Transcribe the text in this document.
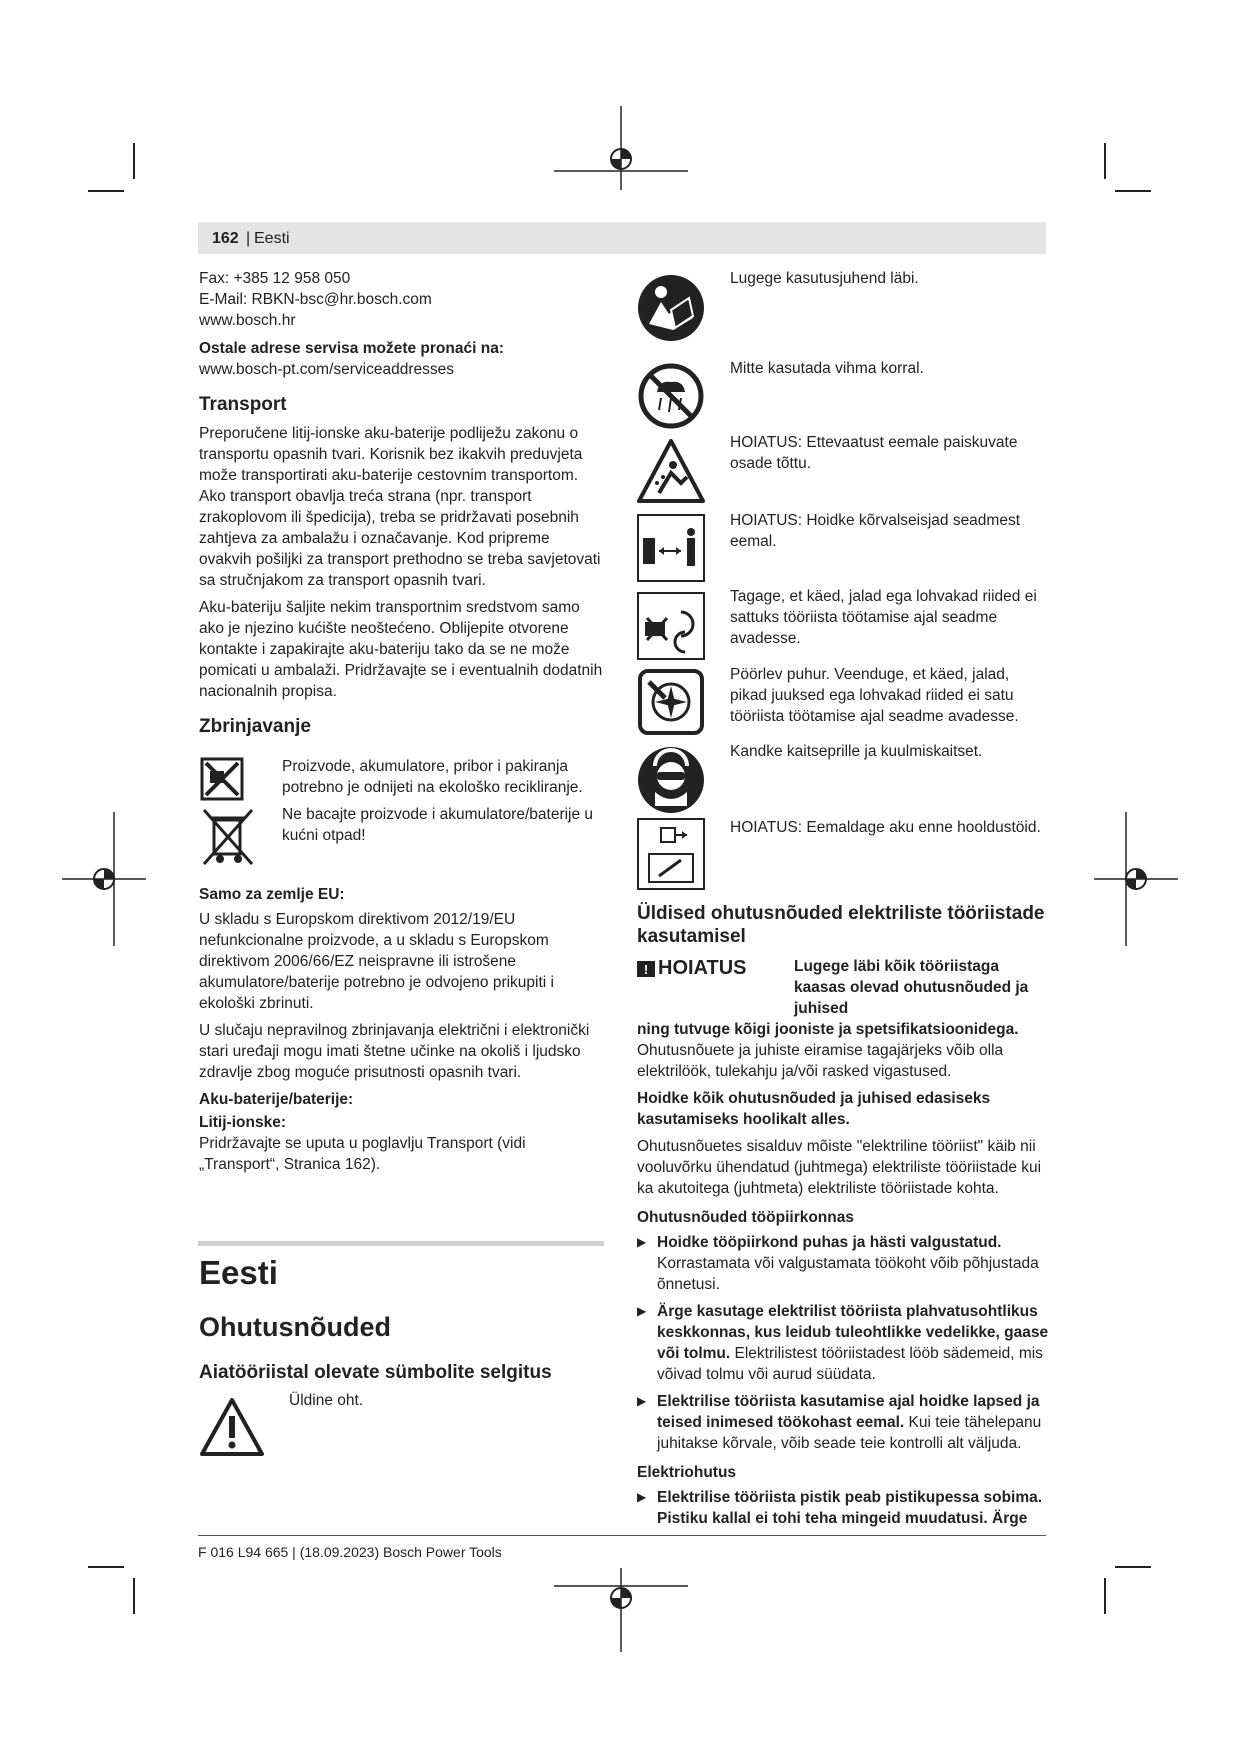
162 | Eesti
Fax: +385 12 958 050
E-Mail: RBKN-bsc@hr.bosch.com
www.bosch.hr
Ostale adrese servisa možete pronaći na:
www.bosch-pt.com/serviceaddresses
Transport

Preporučene litij-ionske aku-baterije podliježu zakonu o transportu opasnih tvari. Korisnik bez ikakvih preduvjeta može transportirati aku-baterije cestovnim transportom. Ako transport obavlja treća strana (npr. transport zrakoplovom ili špedicija), treba se pridržavati posebnih zahtjeva za ambalažu i označavanje. Kod pripreme ovakvih pošiljki za transport prethodno se treba savjetovati sa stručnjakom za transport opasnih tvari.

Aku-bateriju šaljite nekim transportnim sredstvom samo ako je njezino kućište neoštećeno. Oblijepite otvorene kontakte i zapakirajte aku-bateriju tako da se ne može pomicati u ambalaži. Pridržavajte se i eventualnih dodatnih nacionalnih propisa.

Zbrinjavanje
Proizvode, akumulatore, pribor i pakiranja potrebno je odnijeti na ekološko recikliranje.
Ne bacajte proizvode i akumulatore/baterije u kućni otpad!
Samo za zemlje EU:

U skladu s Europskom direktivom 2012/19/EU nefunkcionalne proizvode, a u skladu s Europskom direktivom 2006/66/EZ neispravne ili istrošene akumulatore/baterije potrebno je odvojeno prikupiti i ekološki zbrinuti.

U slučaju nepravilnog zbrinjavanja električni i elektronički stari uređaji mogu imati štetne učinke na okoliš i ljudsko zdravlje zbog moguće prisutnosti opasnih tvari.

Aku-baterije/baterije:
Litij-ionske:

Pridržavajte se uputa u poglavlju Transport (vidi „Transport“, Stranica 162).

Eesti
Ohutusnõuded
Aiatööriistal olevate sümbolite selgitus
Üldine oht.
Lugege kasutusjuhend läbi.
Mitte kasutada vihma korral.
HOIATUS: Ettevaatust eemale paiskuvate osade tõttu.
HOIATUS: Hoidke kõrvalseisjad seadmest eemal.
Tagage, et käed, jalad ega lohvakad riided ei sattuks tööriista töötamise ajal seadme avadesse.
Pöörlev puhur. Veenduge, et käed, jalad, pikad juuksed ega lohvakad riided ei satu tööriista töötamise ajal seadme avadesse.
Kandke kaitseprille ja kuulmiskaitset.
HOIATUS: Eemaldage aku enne hooldustöid.
Üldised ohutusnõuded elektriliste tööriistade kasutamisel
! HOIATUS	Lugege läbi kõik tööriistaga kaasas olevad ohutusnõuded ja juhised
ning tutvuge kõigi jooniste ja spetsifikatsioonidega.

Ohutusnõuete ja juhiste eiramise tagajärjeks võib olla elektrilöök, tulekahju ja/või rasked vigastused.

Hoidke kõik ohutusnõuded ja juhised edasiseks kasutamiseks hoolikalt alles.

Ohutusnõuetes sisalduv mõiste "elektriline tööriist" käib nii vooluvõrku ühendatud (juhtmega) elektriliste tööriistade kui ka akutoitega (juhtmeta) elektriliste tööriistade kohta.

Ohutusnõuded tööpiirkonnas
▶ Hoidke tööpiirkond puhas ja hästi valgustatud.
Korrastamata või valgustamata töökoht võib põhjustada õnnetusi.
▶ Ärge kasutage elektrilist tööriista plahvatusohtlikus keskkonnas, kus leidub tuleohtlikke vedelikke, gaase või tolmu. Elektrilistest tööriistadest lööb sädemeid, mis võivad tolmu või aurud süüdata.
▶ Elektrilise tööriista kasutamise ajal hoidke lapsed ja teised inimesed töökohast eemal. Kui teie tähelepanu juhitakse kõrvale, võib seade teie kontrolli alt väljuda.
Elektriohutus
▶ Elektrilise tööriista pistik peab pistikupessa sobima. Pistiku kallal ei tohi teha mingeid muudatusi. Ärge
F 016 L94 665 | (18.09.2023) Bosch Power Tools
